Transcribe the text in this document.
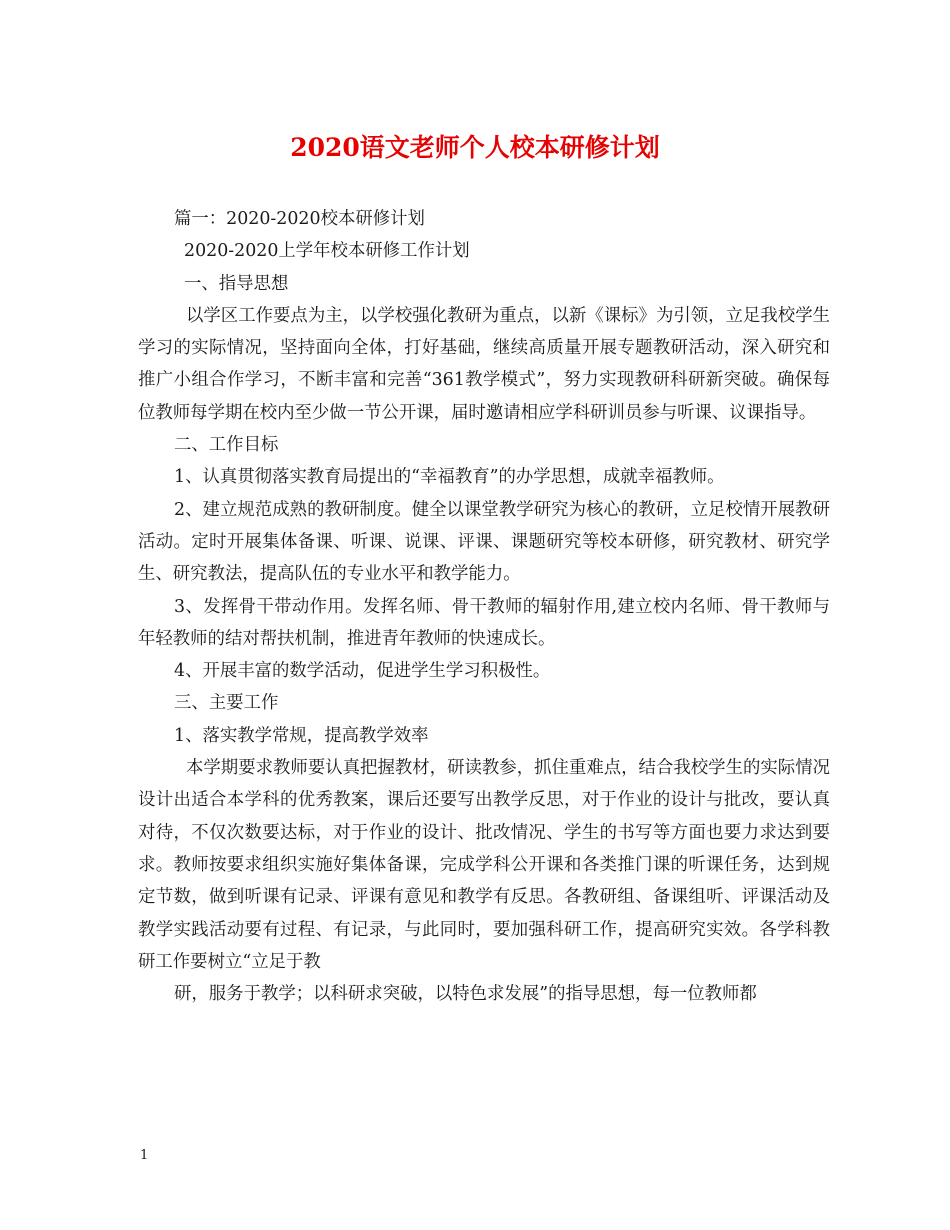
2020语文老师个人校本研修计划

篇一：2020-2020校本研修计划

2020-2020上学年校本研修工作计划

一、指导思想

以学区工作要点为主，以学校强化教研为重点，以新《课标》为引领，立足我校学生学习的实际情况，坚持面向全体，打好基础，继续高质量开展专题教研活动，深入研究和推广小组合作学习，不断丰富和完善“361教学模式”，努力实现教研科研新突破。确保每位教师每学期在校内至少做一节公开课，届时邀请相应学科研训员参与听课、议课指导。

二、工作目标

1、认真贯彻落实教育局提出的“幸福教育”的办学思想，成就幸福教师。

2、建立规范成熟的教研制度。健全以课堂教学研究为核心的教研，立足校情开展教研活动。定时开展集体备课、听课、说课、评课、课题研究等校本研修，研究教材、研究学生、研究教法，提高队伍的专业水平和教学能力。

3、发挥骨干带动作用。发挥名师、骨干教师的辐射作用,建立校内名师、骨干教师与年轻教师的结对帮扶机制，推进青年教师的快速成长。

4、开展丰富的数学活动，促进学生学习积极性。

三、主要工作

1、落实教学常规，提高教学效率

本学期要求教师要认真把握教材，研读教参，抓住重难点，结合我校学生的实际情况设计出适合本学科的优秀教案，课后还要写出教学反思，对于作业的设计与批改，要认真对待，不仅次数要达标，对于作业的设计、批改情况、学生的书写等方面也要力求达到要求。教师按要求组织实施好集体备课，完成学科公开课和各类推门课的听课任务，达到规定节数，做到听课有记录、评课有意见和教学有反思。各教研组、备课组听、评课活动及教学实践活动要有过程、有记录，与此同时，要加强科研工作，提高研究实效。各学科教研工作要树立“立足于教

研，服务于教学；以科研求突破，以特色求发展”的指导思想，每一位教师都

1
